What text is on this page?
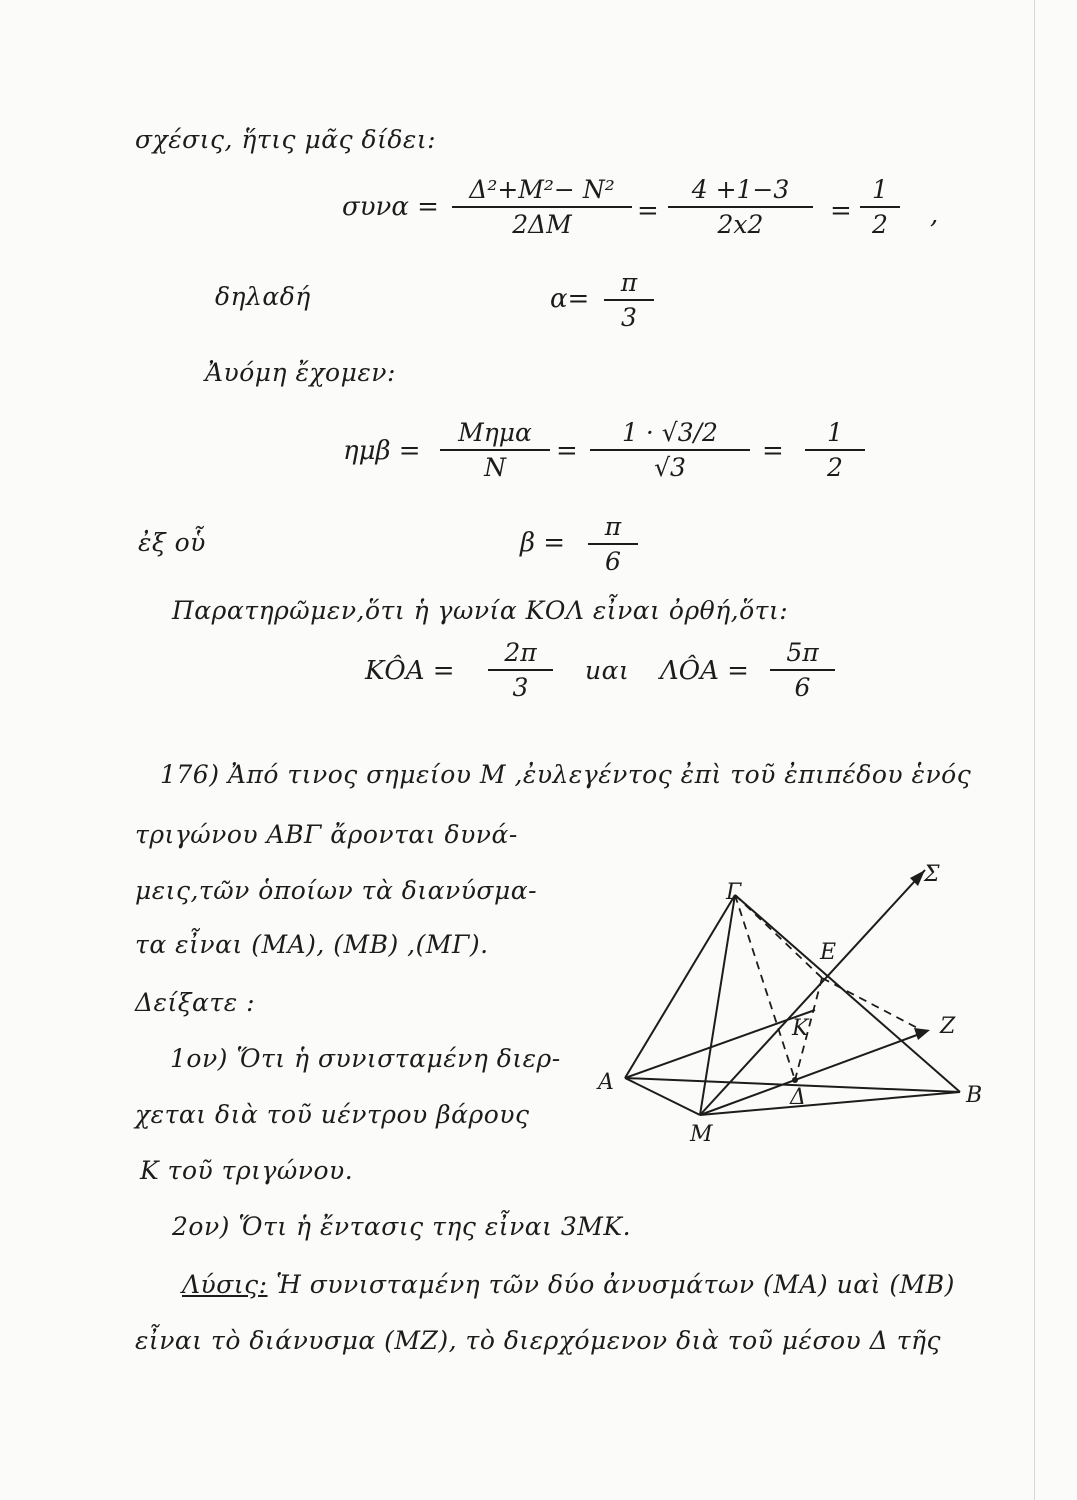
σχέσις, ἥτις μᾶς δίδει:
$\sigma\upsilon\nu\alpha = \frac{\text{Δ²+M²− N²}}{2\Delta M} = \frac{4 +1-3}{2x2} = \frac{1}{2}$ ,
δηλαδή	$\alpha= \frac{\pi}{3}$
Ἀυόμη ἔχομεν:
ημβ =
Mημα
N
= $\frac{1 \cdot √3/2}{√3} = \frac{1}{2}$
ἐξ οὗ	$\beta = \frac{\pi}{6}$
Παρατηρῶμεν,ὅτι ἡ γωνία ΚΟΛ εἶναι ὀρθή,ὅτι:
ΚÔΑ = $\frac{2\pi}{3}$ uαι ΛÔΑ = $\frac{5\pi}{6}$
176) Ἀπό τινος σημείου Μ ,ἐυλεγέντος ἐπὶ τοῦ ἐπιπέδου ἑνός
τριγώνου ΑΒΓ ἄρονται δυνά-
μεις,τῶν ὁποίων τὰ διανύσμα-
τα εἶναι (ΜΑ), (ΜΒ) ,(ΜΓ).
Δείξατε :
1ον) Ὅτι ἡ συνισταμένη διερ-
χεται διὰ τοῦ uέντρου βάρους
Κ τοῦ τριγώνου.
2ον) Ὅτι ἡ ἔντασις της εἶναι 3ΜΚ.
Λύσις: Ἡ συνισταμένη τῶν δύο ἀνυσμάτων (ΜΑ) uαὶ (ΜΒ)
εἶναι τὸ διάνυσμα (ΜΖ), τὸ διερχόμενον διὰ τοῦ μέσου Δ τῆς
Γ
Σ
Ε
Κ	Ζ
Α
Δ	Β
Μ
